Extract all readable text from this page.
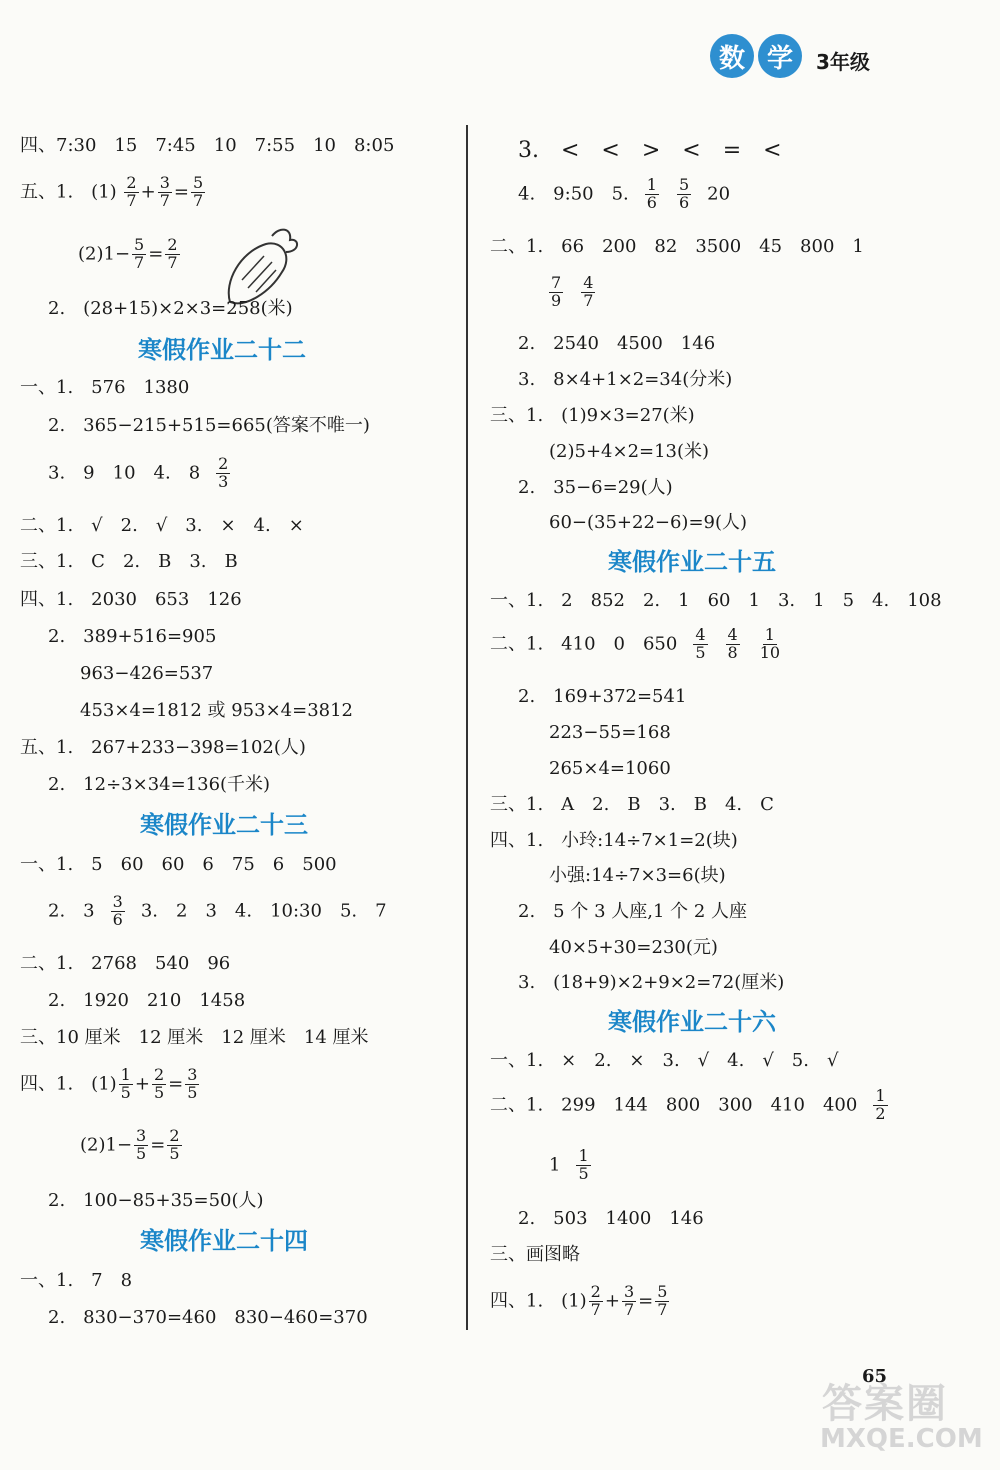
数 学	3年级
四、7:30　15　7:45　10　7:55　10　8:05
五、1.　$(1) \frac{2}{7} + \frac{3}{7} = \frac{5}{7}$
$(2)1- \frac{5}{7} = \frac{2}{7}$
2.　(28+15)×2×3=258(米)
寒假作业二十二
一、1.　576　1380
2.　365−215+515=665(答案不唯一)
3.　9　10　4.　$8 \frac{2}{3}$
二、1.　√　2.　√　3.　×　4.　×
三、1.　C　2.　B　3.　B
四、1.　2030　653　126
2.　389+516=905
963−426=537
453×4=1812 或 953×4=3812
五、1.　267+233−398=102(人)
2.　12÷3×34=136(千米)
寒假作业二十三
一、1.　5　60　60　6　75　6　500
2.　$3 \frac{3}{6} 3$.　2　3　4.　10:30　5.　7
二、1.　2768　540　96
2.　1920　210　1458
三、10 厘米　12 厘米　12 厘米　14 厘米
四、1.　$(1) \frac{1}{5} + \frac{2}{5} = \frac{3}{5}$
$(2)1- \frac{3}{5} = \frac{2}{5}$
2.　100−85+35=50(人)
寒假作业二十四
一、1.　7　8
2.　830−370=460　830−460=370
3.　<　<　>　<　=　<
4.　9:50　5. $\frac{1}{6} \frac{5}{6} 20$
二、1.　66　200　82　3500　45　800　1
$\frac{7}{9} \frac{4}{7}$
2.　2540　4500　146
3.　8×4+1×2=34(分米)
三、1.　(1)9×3=27(米)
(2)5+4×2=13(米)
2.　35−6=29(人)
60−(35+22−6)=9(人)
寒假作业二十五
一、1.　2　852　2.　1　60　1　3.　1　5　4.　108
二、1.　410　0　$650 \frac{4}{5} \frac{4}{8} \frac{1}{10}$
2.　169+372=541
223−55=168
265×4=1060
三、1.　A　2.　B　3.　B　4.　C
四、1.　小玲:14÷7×1=2(块)
小强:14÷7×3=6(块)
2.　5 个 3 人座,1 个 2 人座
40×5+30=230(元)
3.　(18+9)×2+9×2=72(厘米)
寒假作业二十六
一、1.　×　2.　×　3.　√　4.　√　5.　√
二、1.　299　144　800　300　410　$400 \frac{1}{2}$
$1 \frac{1}{5}$
2.　503　1400　146
三、画图略
四、1.　$(1) \frac{2}{7} + \frac{3}{7} = \frac{5}{7}$
答案圈
MXQE.COM
65
